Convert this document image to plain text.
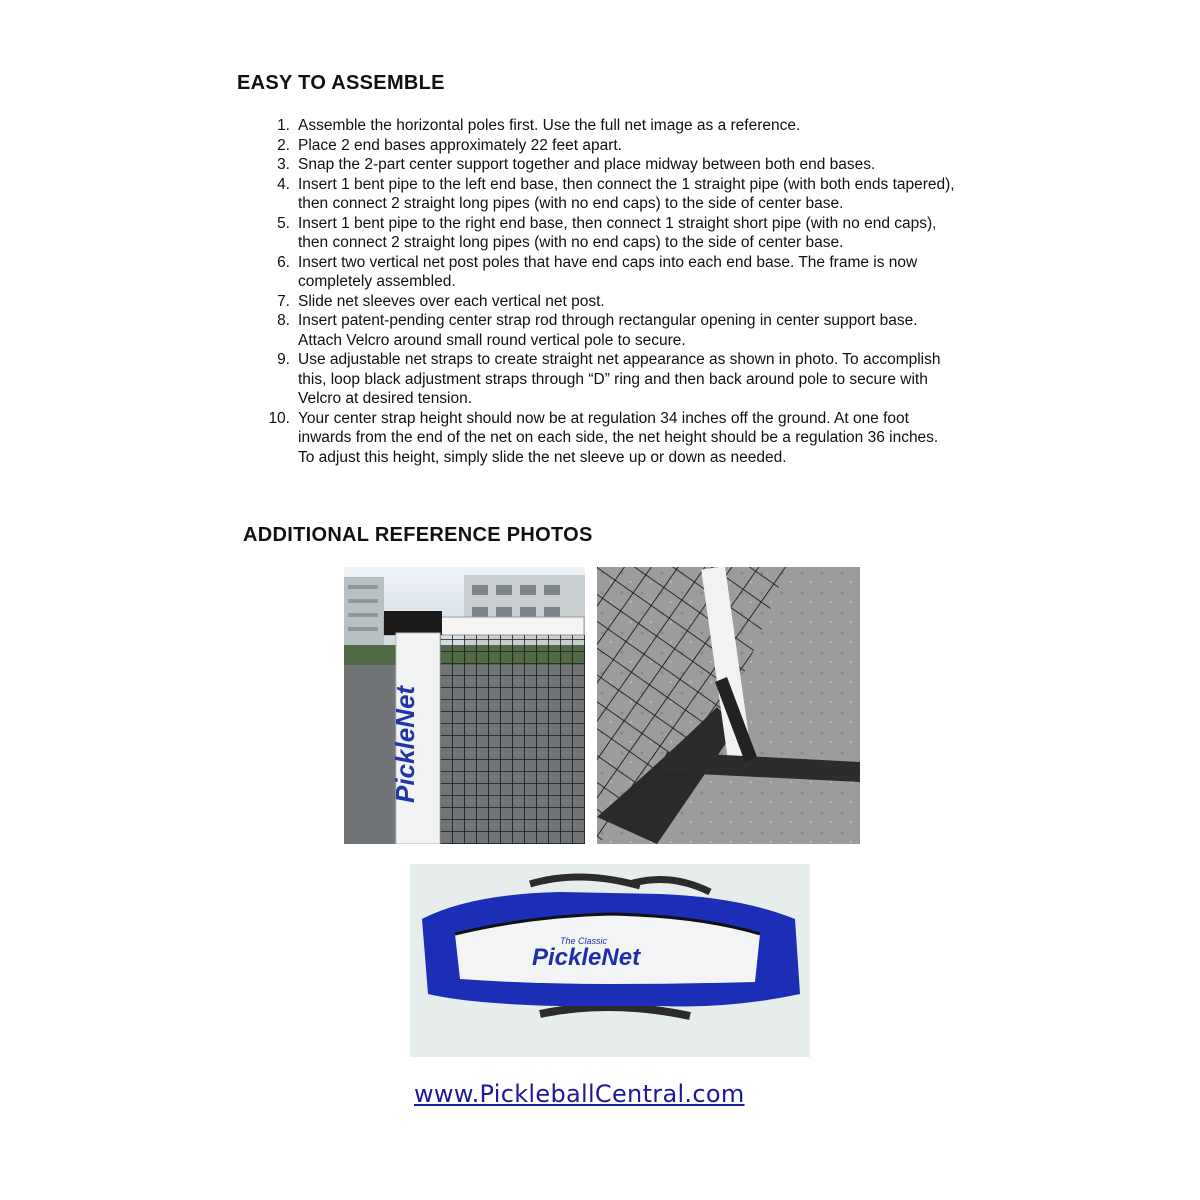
EASY TO ASSEMBLE
1. Assemble the horizontal poles first. Use the full net image as a reference.
2. Place 2 end bases approximately 22 feet apart.
3. Snap the 2-part center support together and place midway between both end bases.
4. Insert 1 bent pipe to the left end base, then connect the 1 straight pipe (with both ends tapered), then connect 2 straight long pipes (with no end caps) to the side of center base.
5. Insert 1 bent pipe to the right end base, then connect 1 straight short pipe (with no end caps), then connect 2 straight long pipes (with no end caps) to the side of center base.
6. Insert two vertical net post poles that have end caps into each end base. The frame is now completely assembled.
7. Slide net sleeves over each vertical net post.
8. Insert patent-pending center strap rod through rectangular opening in center support base. Attach Velcro around small round vertical pole to secure.
9. Use adjustable net straps to create straight net appearance as shown in photo. To accomplish this, loop black adjustment straps through “D” ring and then back around pole to secure with Velcro at desired tension.
10. Your center strap height should now be at regulation 34 inches off the ground. At one foot inwards from the end of the net on each side, the net height should be a regulation 36 inches. To adjust this height, simply slide the net sleeve up or down as needed.
ADDITIONAL REFERENCE PHOTOS
PickleNet
The Classic
PickleNet
www.PickleballCentral.com
